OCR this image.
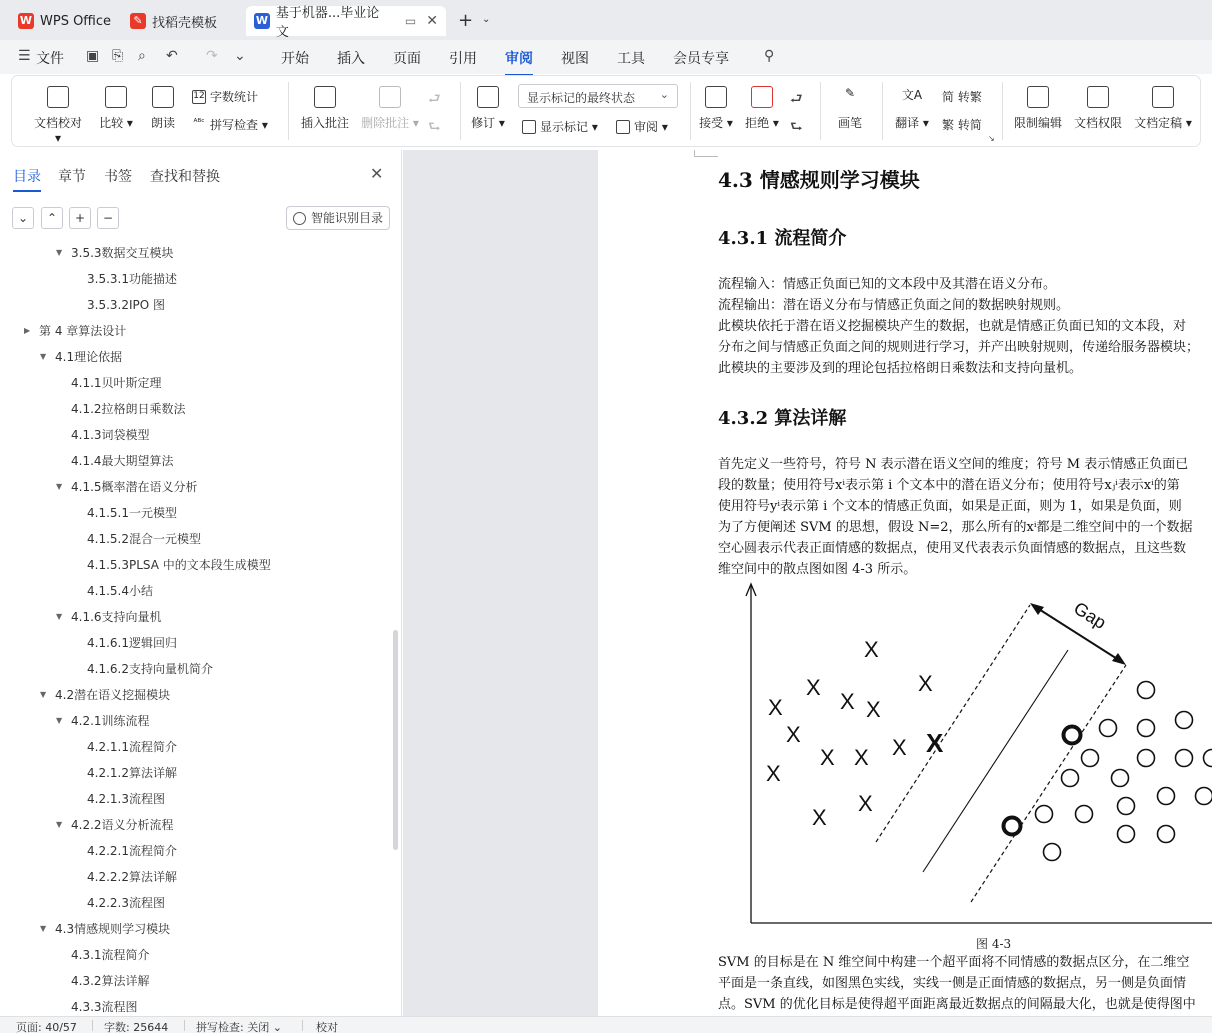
W WPS Office	✎ 找稻壳模板	W 基于机器...毕业论文
▭ ✕ + ⌄
☰ 文件 ▣ ⎘ ⌕ ↶ ↷ ⌄	开始 插入 页面 引用 审阅 视图 工具 会员专享	⚲
文档校对 ▾
比较 ▾ 朗读
12 字数统计
ᴬᴮᶜ 拼写检查 ▾	插入批注 删除批注 ▾
⮐
⮑	修订 ▾
显示标记的最终状态 ⌄
显示标记 ▾	审阅 ▾	接受 ▾ 拒绝 ▾
⮐
⮑
✎
画笔
文A
翻译 ▾
简 转繁
繁 转简
↘
限制编辑 文档权限 文档定稿 ▾
目录 章节 书签 查找和替换	✕
⌄	⌃	+	−	智能识别目录
▼ 3.5.3数据交互模块
3.5.3.1功能描述
3.5.3.2IPO 图
▶ 第 4 章算法设计
▼ 4.1理论依据
4.1.1贝叶斯定理
4.1.2拉格朗日乘数法
4.1.3词袋模型
4.1.4最大期望算法
▼ 4.1.5概率潜在语义分析
4.1.5.1一元模型
4.1.5.2混合一元模型
4.1.5.3PLSA 中的文本段生成模型
4.1.5.4小结
▼ 4.1.6支持向量机
4.1.6.1逻辑回归
4.1.6.2支持向量机简介
▼ 4.2潜在语义挖掘模块
▼ 4.2.1训练流程
4.2.1.1流程简介
4.2.1.2算法详解
4.2.1.3流程图
▼ 4.2.2语义分析流程
4.2.2.1流程简介
4.2.2.2算法详解
4.2.2.3流程图
▼ 4.3情感规则学习模块
4.3.1流程简介
4.3.2算法详解
4.3.3流程图
4.3 情感规则学习模块
4.3.1 流程简介
流程输入：情感正负面已知的文本段中及其潜在语义分布。
流程输出：潜在语义分布与情感正负面之间的数据映射规则。
此模块依托于潜在语义挖掘模块产生的数据，也就是情感正负面已知的文本段，对
分布之间与情感正负面之间的规则进行学习，并产出映射规则，传递给服务器模块；
此模块的主要涉及到的理论包括拉格朗日乘数法和支持向量机。
4.3.2 算法详解
首先定义一些符号，符号 N 表示潜在语义空间的维度；符号 M 表示情感正负面已
段的数量；使用符号xⁱ表示第 i 个文本中的潜在语义分布；使用符号xⱼⁱ表示xⁱ的第
使用符号yⁱ表示第 i 个文本的情感正负面，如果是正面，则为 1，如果是负面，则
为了方便阐述 SVM 的思想，假设 N=2，那么所有的xⁱ都是二维空间中的一个数据
空心圆表示代表正面情感的数据点，使用叉代表表示负面情感的数据点，且这些数
维空间中的散点图如图 4-3 所示。
Gap
X
X
X
X
X
X
X X X
X
X
X
X
X
图 4-3
SVM 的目标是在 N 维空间中构建一个超平面将不同情感的数据点区分，在二维空
平面是一条直线，如图黑色实线，实线一侧是正面情感的数据点，另一侧是负面情
点。SVM 的优化目标是使得超平面距离最近数据点的间隔最大化，也就是使得图中
页面: 40/57 字数: 25644	拼写检查: 关闭 ⌄	校对
